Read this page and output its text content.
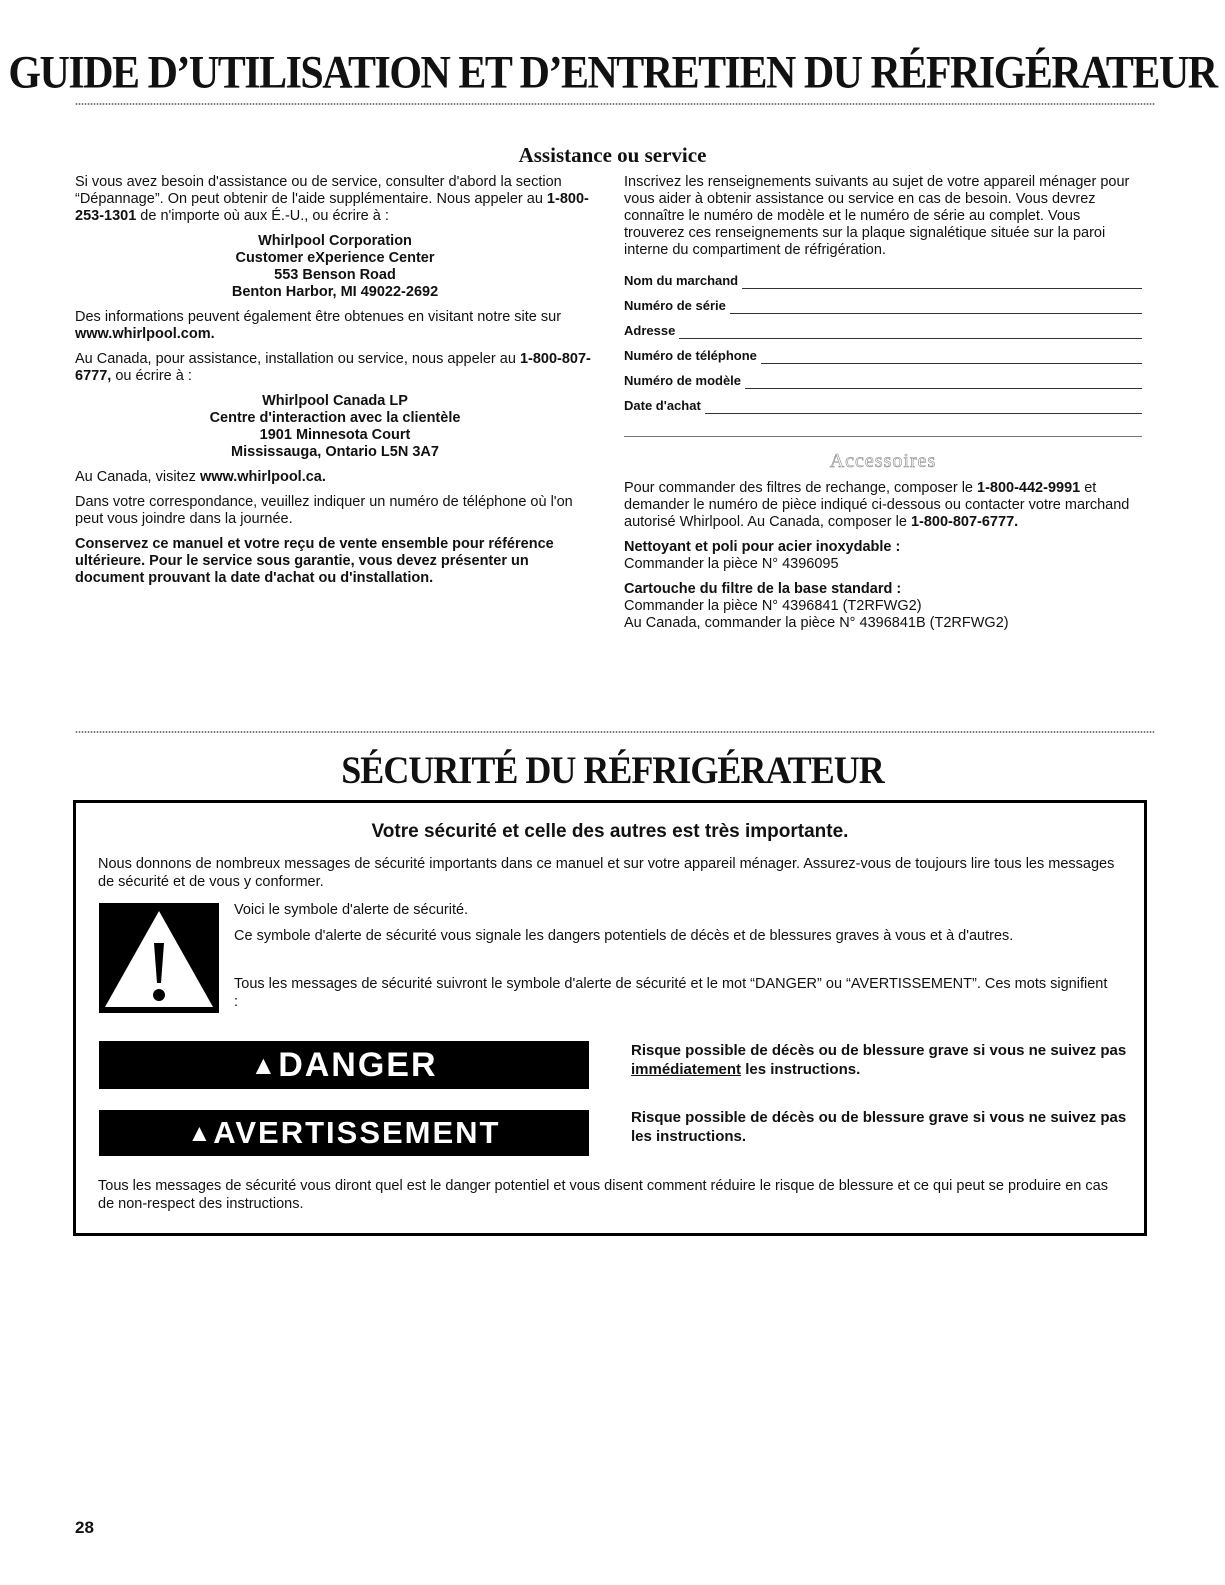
GUIDE D’UTILISATION ET D’ENTRETIEN DU RÉFRIGÉRATEUR
Assistance ou service

Si vous avez besoin d'assistance ou de service, consulter d'abord la section “Dépannage”. On peut obtenir de l'aide supplémentaire. Nous appeler au 1-800-253-1301 de n'importe où aux É.-U., ou écrire à :

Whirlpool Corporation
Customer eXperience Center
553 Benson Road
Benton Harbor, MI 49022-2692

Des informations peuvent également être obtenues en visitant notre site sur www.whirlpool.com.

Au Canada, pour assistance, installation ou service, nous appeler au 1-800-807-6777, ou écrire à :

Whirlpool Canada LP
Centre d'interaction avec la clientèle
1901 Minnesota Court
Mississauga, Ontario L5N 3A7

Au Canada, visitez www.whirlpool.ca.

Dans votre correspondance, veuillez indiquer un numéro de téléphone où l'on peut vous joindre dans la journée.

Conservez ce manuel et votre reçu de vente ensemble pour référence ultérieure. Pour le service sous garantie, vous devez présenter un document prouvant la date d'achat ou d'installation.

Inscrivez les renseignements suivants au sujet de votre appareil ménager pour vous aider à obtenir assistance ou service en cas de besoin. Vous devrez connaître le numéro de modèle et le numéro de série au complet. Vous trouverez ces renseignements sur la plaque signalétique située sur la paroi interne du compartiment de réfrigération.

Nom du marchand
Numéro de série
Adresse
Numéro de téléphone
Numéro de modèle
Date d'achat
Accessoires

Pour commander des filtres de rechange, composer le 1-800-442-9991 et demander le numéro de pièce indiqué ci-dessous ou contacter votre marchand autorisé Whirlpool. Au Canada, composer le 1-800-807-6777.

Nettoyant et poli pour acier inoxydable :
Commander la pièce N° 4396095
Cartouche du filtre de la base standard :
Commander la pièce N° 4396841 (T2RFWG2)
Au Canada, commander la pièce N° 4396841B (T2RFWG2)
SÉCURITÉ DU RÉFRIGÉRATEUR
Votre sécurité et celle des autres est très importante.

Nous donnons de nombreux messages de sécurité importants dans ce manuel et sur votre appareil ménager. Assurez-vous de toujours lire tous les messages de sécurité et de vous y conformer.

Voici le symbole d'alerte de sécurité.

Ce symbole d'alerte de sécurité vous signale les dangers potentiels de décès et de blessures graves à vous et à d'autres.

Tous les messages de sécurité suivront le symbole d'alerte de sécurité et le mot “DANGER” ou “AVERTISSEMENT”. Ces mots signifient :

▲DANGER	Risque possible de décès ou de blessure grave si vous ne suivez pas immédiatement les instructions.

▲AVERTISSEMENT	Risque possible de décès ou de blessure grave si vous ne suivez pas les instructions.

Tous les messages de sécurité vous diront quel est le danger potentiel et vous disent comment réduire le risque de blessure et ce qui peut se produire en cas de non-respect des instructions.

28
